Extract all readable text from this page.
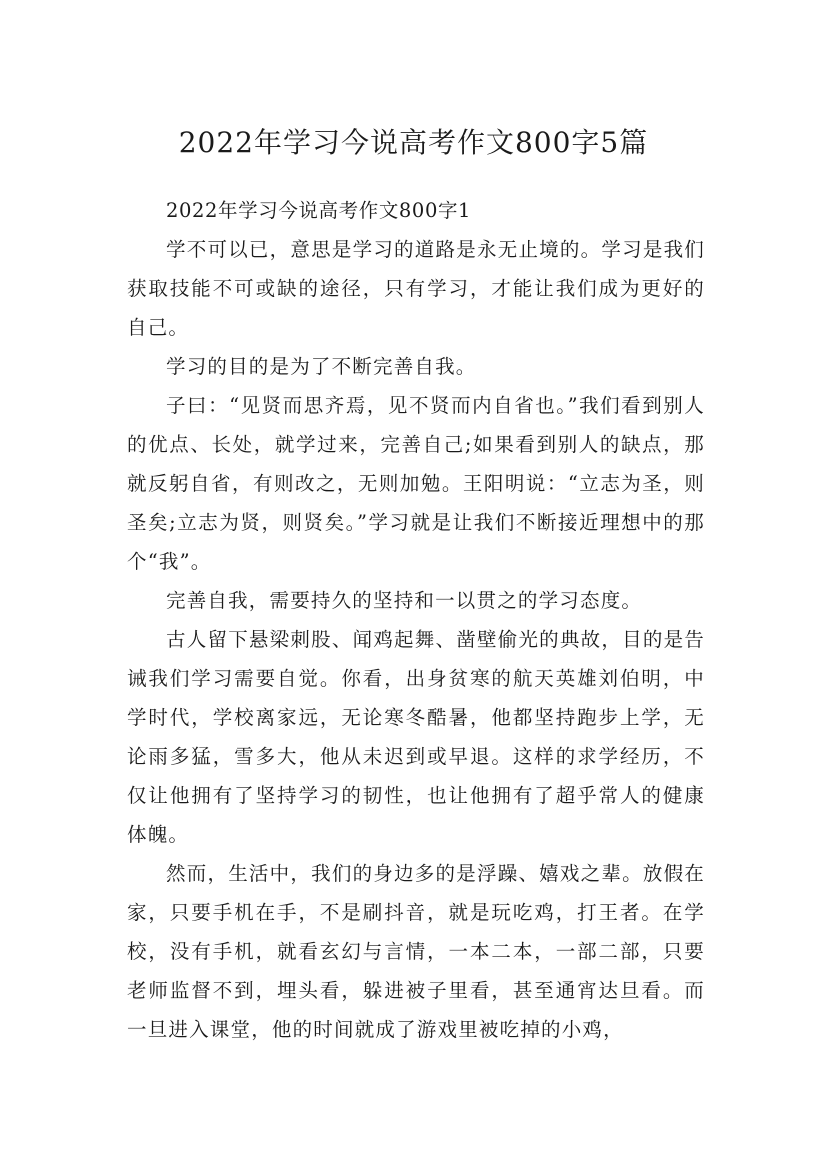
2022年学习今说高考作文800字5篇

2022年学习今说高考作文800字1

学不可以已，意思是学习的道路是永无止境的。学习是我们获取技能不可或缺的途径，只有学习，才能让我们成为更好的自己。

学习的目的是为了不断完善自我。

子曰：“见贤而思齐焉，见不贤而内自省也。”我们看到别人的优点、长处，就学过来，完善自己;如果看到别人的缺点，那就反躬自省，有则改之，无则加勉。王阳明说：“立志为圣，则圣矣;立志为贤，则贤矣。”学习就是让我们不断接近理想中的那个“我”。

完善自我，需要持久的坚持和一以贯之的学习态度。

古人留下悬梁刺股、闻鸡起舞、凿壁偷光的典故，目的是告诫我们学习需要自觉。你看，出身贫寒的航天英雄刘伯明，中学时代，学校离家远，无论寒冬酷暑，他都坚持跑步上学，无论雨多猛，雪多大，他从未迟到或早退。这样的求学经历，不仅让他拥有了坚持学习的韧性，也让他拥有了超乎常人的健康体魄。

然而，生活中，我们的身边多的是浮躁、嬉戏之辈。放假在家，只要手机在手，不是刷抖音，就是玩吃鸡，打王者。在学校，没有手机，就看玄幻与言情，一本二本，一部二部，只要老师监督不到，埋头看，躲进被子里看，甚至通宵达旦看。而一旦进入课堂，他的时间就成了游戏里被吃掉的小鸡，
